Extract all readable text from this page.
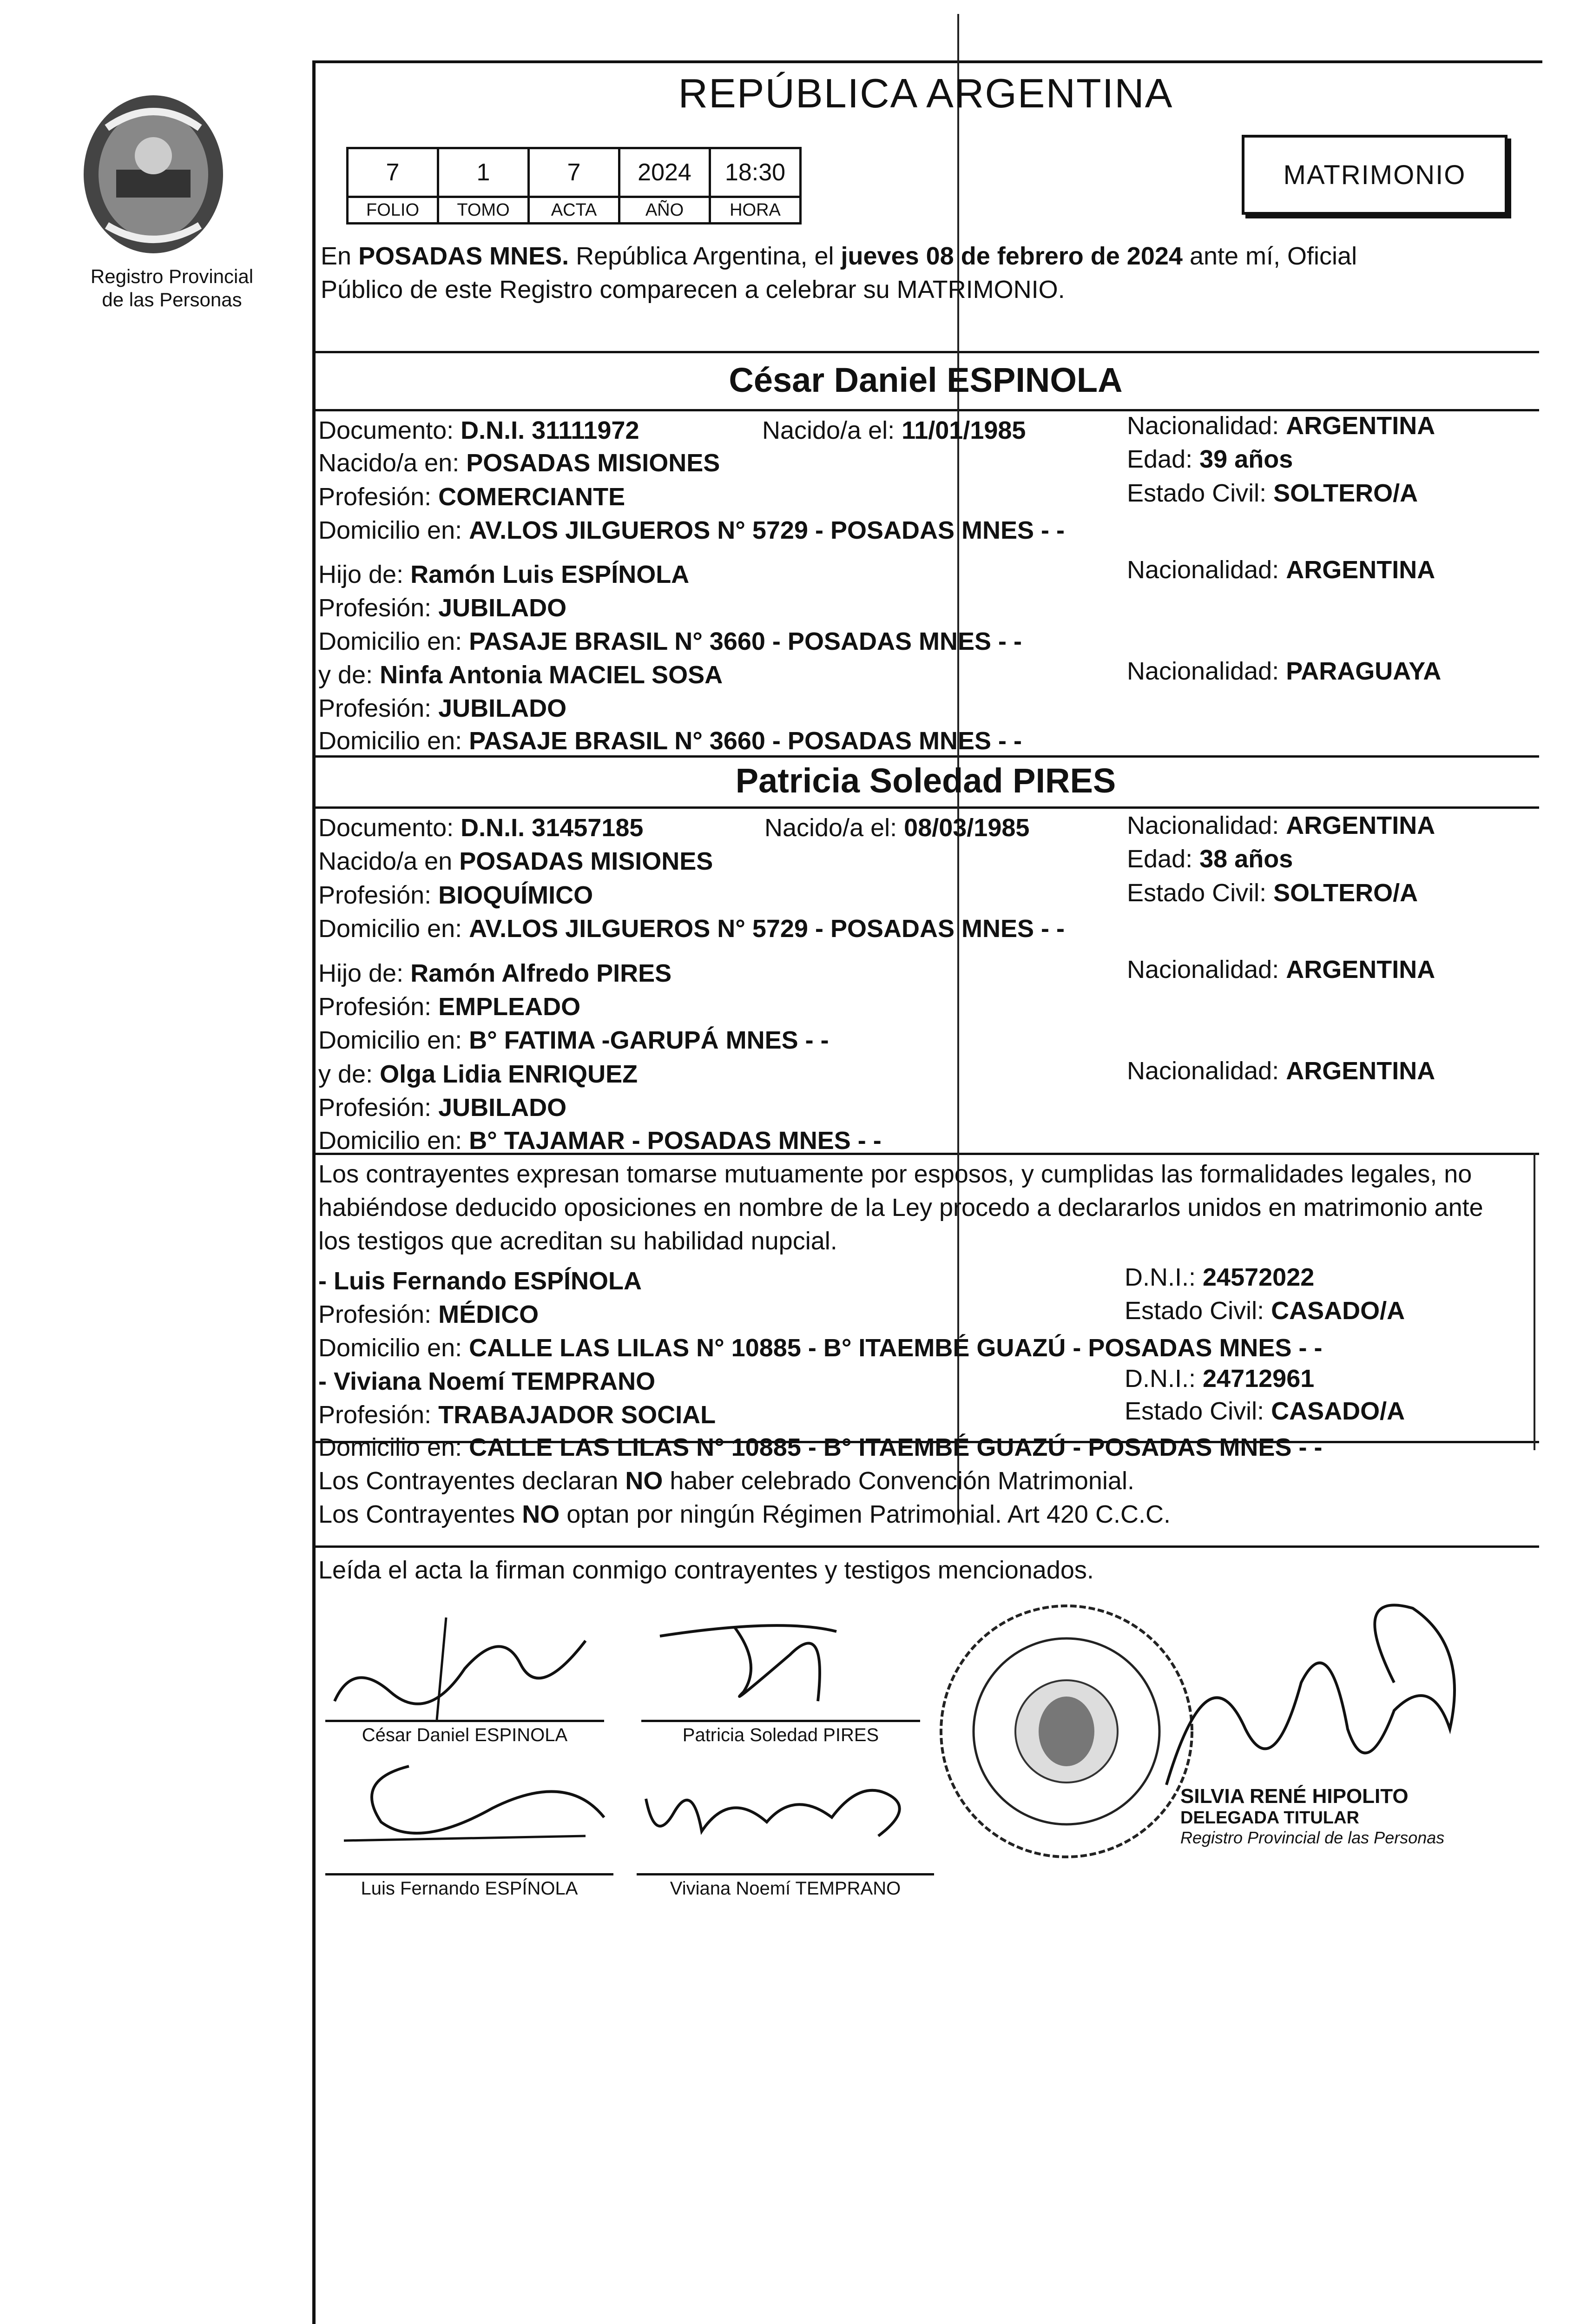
Registro Provincial
de las Personas
REPÚBLICA ARGENTINA
7	1	7	2024	18:30
FOLIO	TOMO	ACTA	AÑO	HORA
MATRIMONIO
En POSADAS MNES. República Argentina, el jueves 08 de febrero de 2024 ante mí, Oficial
Público de este Registro comparecen a celebrar su MATRIMONIO.
César Daniel ESPINOLA
Documento: D.N.I. 31111972	Nacido/a el: 11/01/1985	Nacionalidad: ARGENTINA
Nacido/a en: POSADAS MISIONES	Edad: 39 años
Profesión: COMERCIANTE	Estado Civil: SOLTERO/A
Domicilio en: AV.LOS JILGUEROS N° 5729 - POSADAS MNES - -
Hijo de: Ramón Luis ESPÍNOLA	Nacionalidad: ARGENTINA
Profesión: JUBILADO
Domicilio en: PASAJE BRASIL N° 3660 - POSADAS MNES - -
y de: Ninfa Antonia MACIEL SOSA	Nacionalidad: PARAGUAYA
Profesión: JUBILADO
Domicilio en: PASAJE BRASIL N° 3660 - POSADAS MNES - -
Patricia Soledad PIRES
Documento: D.N.I. 31457185	Nacido/a el: 08/03/1985	Nacionalidad: ARGENTINA
Nacido/a en POSADAS MISIONES	Edad: 38 años
Profesión: BIOQUÍMICO	Estado Civil: SOLTERO/A
Domicilio en: AV.LOS JILGUEROS N° 5729 - POSADAS MNES - -
Hijo de: Ramón Alfredo PIRES	Nacionalidad: ARGENTINA
Profesión: EMPLEADO
Domicilio en: B° FATIMA -GARUPÁ MNES - -
y de: Olga Lidia ENRIQUEZ	Nacionalidad: ARGENTINA
Profesión: JUBILADO
Domicilio en: B° TAJAMAR - POSADAS MNES - -
Los contrayentes expresan tomarse mutuamente por esposos, y cumplidas las formalidades legales, no
habiéndose deducido oposiciones en nombre de la Ley procedo a declararlos unidos en matrimonio ante
los testigos que acreditan su habilidad nupcial.
- Luis Fernando ESPÍNOLA	D.N.I.: 24572022
Profesión: MÉDICO	Estado Civil: CASADO/A
Domicilio en: CALLE LAS LILAS N° 10885 - B° ITAEMBÉ GUAZÚ - POSADAS MNES - -
- Viviana Noemí TEMPRANO	D.N.I.: 24712961
Profesión: TRABAJADOR SOCIAL	Estado Civil: CASADO/A
Domicilio en: CALLE LAS LILAS N° 10885 - B° ITAEMBÉ GUAZÚ - POSADAS MNES - -
Los Contrayentes declaran NO haber celebrado Convención Matrimonial.
Los Contrayentes NO optan por ningún Régimen Patrimonial. Art 420 C.C.C.
Leída el acta la firman conmigo contrayentes y testigos mencionados.
César Daniel ESPINOLA	Patricia Soledad PIRES
Luis Fernando ESPÍNOLA	Viviana Noemí TEMPRANO
SILVIA RENÉ HIPOLITO
DELEGADA TITULAR
Registro Provincial de las Personas
